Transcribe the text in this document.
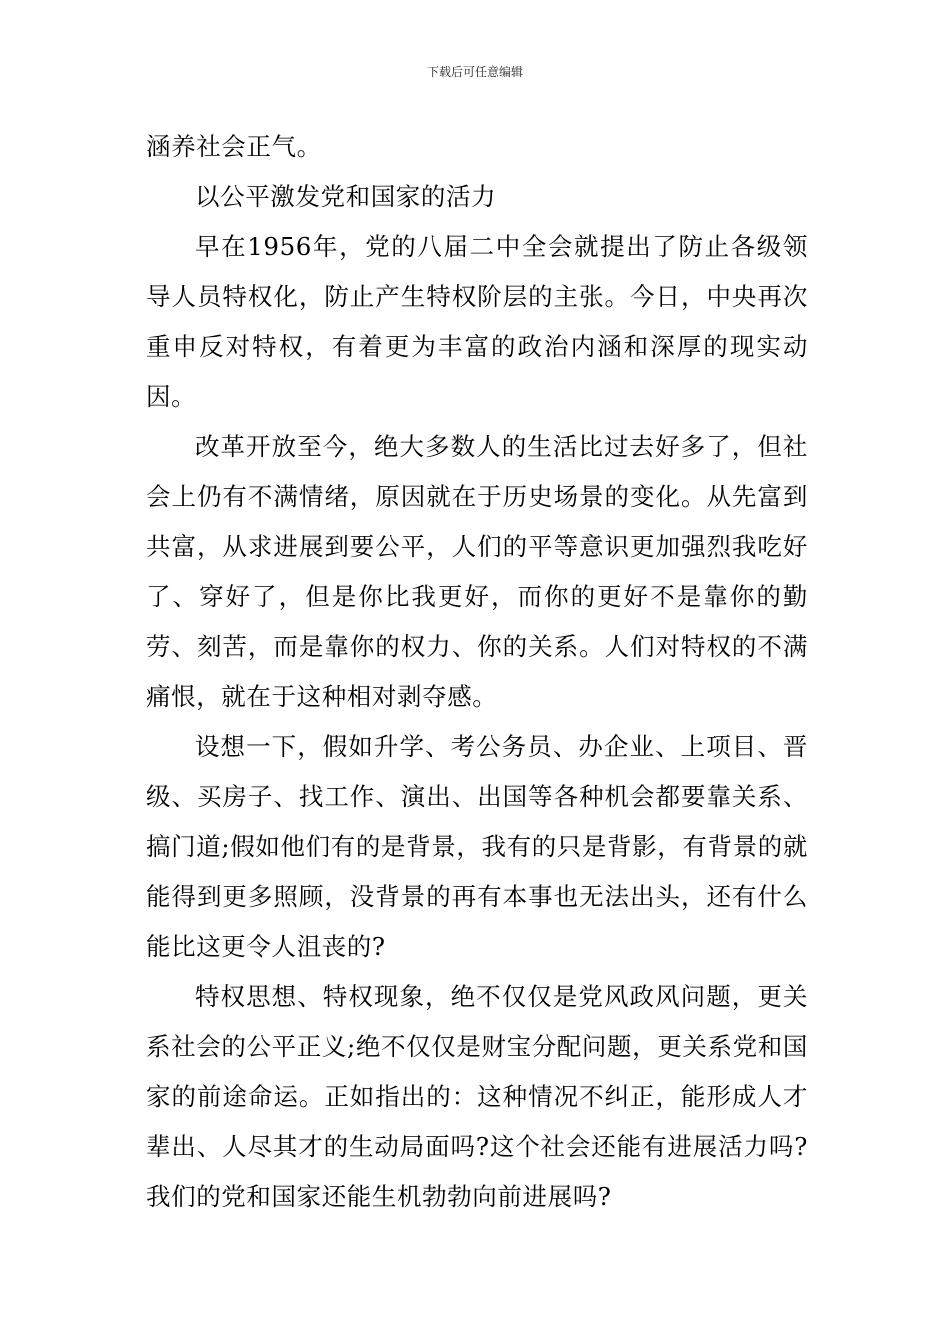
下载后可任意编辑

涵养社会正气。

以公平激发党和国家的活力

早在1956年，党的八届二中全会就提出了防止各级领导人员特权化，防止产生特权阶层的主张。今日，中央再次重申反对特权，有着更为丰富的政治内涵和深厚的现实动因。

改革开放至今，绝大多数人的生活比过去好多了，但社会上仍有不满情绪，原因就在于历史场景的变化。从先富到共富，从求进展到要公平，人们的平等意识更加强烈我吃好了、穿好了，但是你比我更好，而你的更好不是靠你的勤劳、刻苦，而是靠你的权力、你的关系。人们对特权的不满痛恨，就在于这种相对剥夺感。

设想一下，假如升学、考公务员、办企业、上项目、晋级、买房子、找工作、演出、出国等各种机会都要靠关系、搞门道;假如他们有的是背景，我有的只是背影，有背景的就能得到更多照顾，没背景的再有本事也无法出头，还有什么能比这更令人沮丧的?

特权思想、特权现象，绝不仅仅是党风政风问题，更关系社会的公平正义;绝不仅仅是财宝分配问题，更关系党和国家的前途命运。正如指出的：这种情况不纠正，能形成人才辈出、人尽其才的生动局面吗?这个社会还能有进展活力吗?我们的党和国家还能生机勃勃向前进展吗?
